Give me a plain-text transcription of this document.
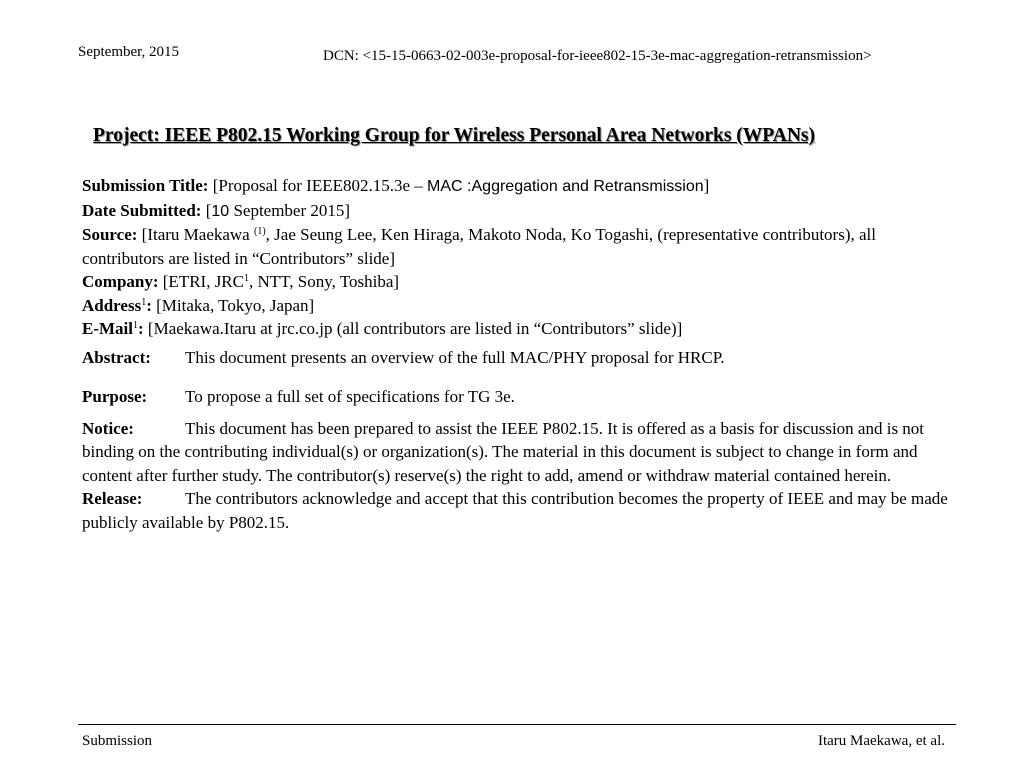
September, 2015	DCN: <15-15-0663-02-003e-proposal-for-ieee802-15-3e-mac-aggregation-retransmission>
Project: IEEE P802.15 Working Group for Wireless Personal Area Networks (WPANs)

Submission Title: [Proposal for IEEE802.15.3e – MAC :Aggregation and Retransmission]

Date Submitted: [10 September 2015]

Source: [Itaru Maekawa $^{(1)}$, Jae Seung Lee, Ken Hiraga, Makoto Noda, Ko Togashi, (representative contributors), all contributors are listed in “Contributors” slide]

Company: [ETRI, JRC$^1$, NTT, Sony, Toshiba]

Address$^1$: [Mitaka, Tokyo, Japan]

E-Mail$^1$: [Maekawa.Itaru at jrc.co.jp (all contributors are listed in “Contributors” slide)]

Abstract:	This document presents an overview of the full MAC/PHY proposal for HRCP.

Purpose:	To propose a full set of specifications for TG 3e.

Notice:	This document has been prepared to assist the IEEE P802.15. It is offered as a basis for discussion and is not binding on the contributing individual(s) or organization(s). The material in this document is subject to change in form and content after further study. The contributor(s) reserve(s) the right to add, amend or withdraw material contained herein.

Release:	The contributors acknowledge and accept that this contribution becomes the property of IEEE and may be made publicly available by P802.15.

Submission	Itaru Maekawa, et al.
